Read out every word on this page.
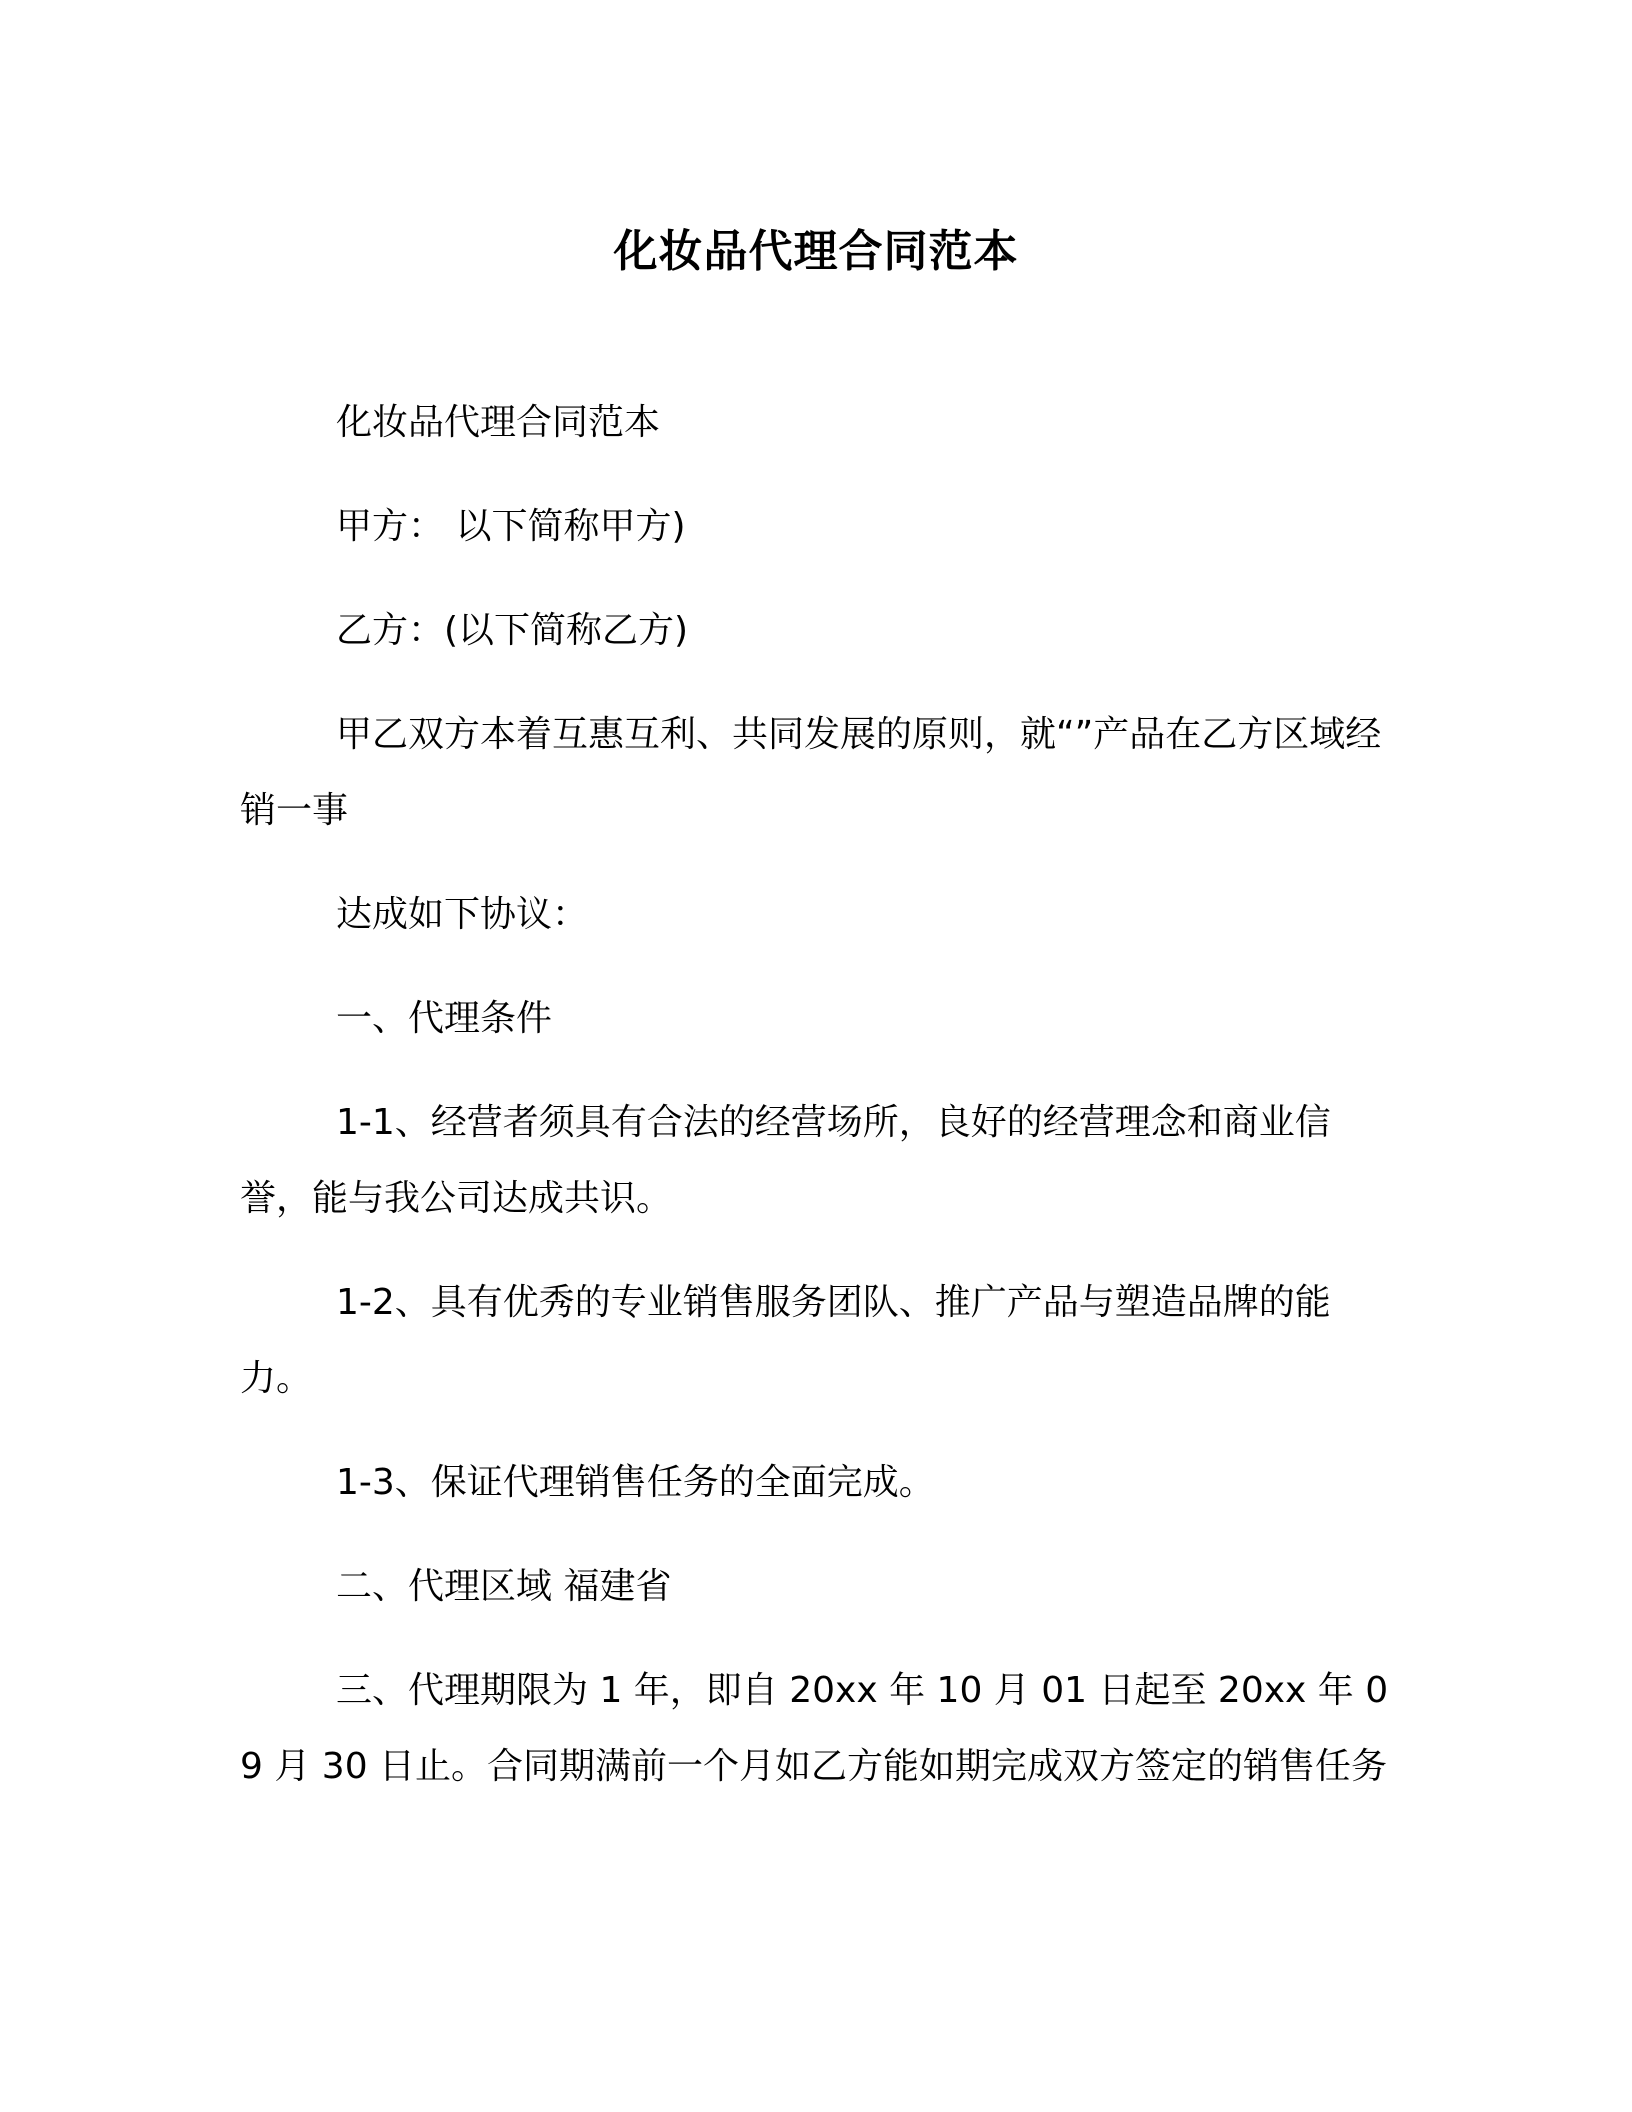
化妆品代理合同范本

化妆品代理合同范本

甲方： 以下简称甲方)

乙方：(以下简称乙方)

甲乙双方本着互惠互利、共同发展的原则，就“”产品在乙方区域经销一事

达成如下协议：

一、代理条件

1-1、经营者须具有合法的经营场所，良好的经营理念和商业信誉，能与我公司达成共识。

1-2、具有优秀的专业销售服务团队、推广产品与塑造品牌的能力。

1-3、保证代理销售任务的全面完成。

二、代理区域 福建省

三、代理期限为 1 年，即自 20xx 年 10 月 01 日起至 20xx 年 09 月 30 日止。合同期满前一个月如乙方能如期完成双方签定的销售任务
